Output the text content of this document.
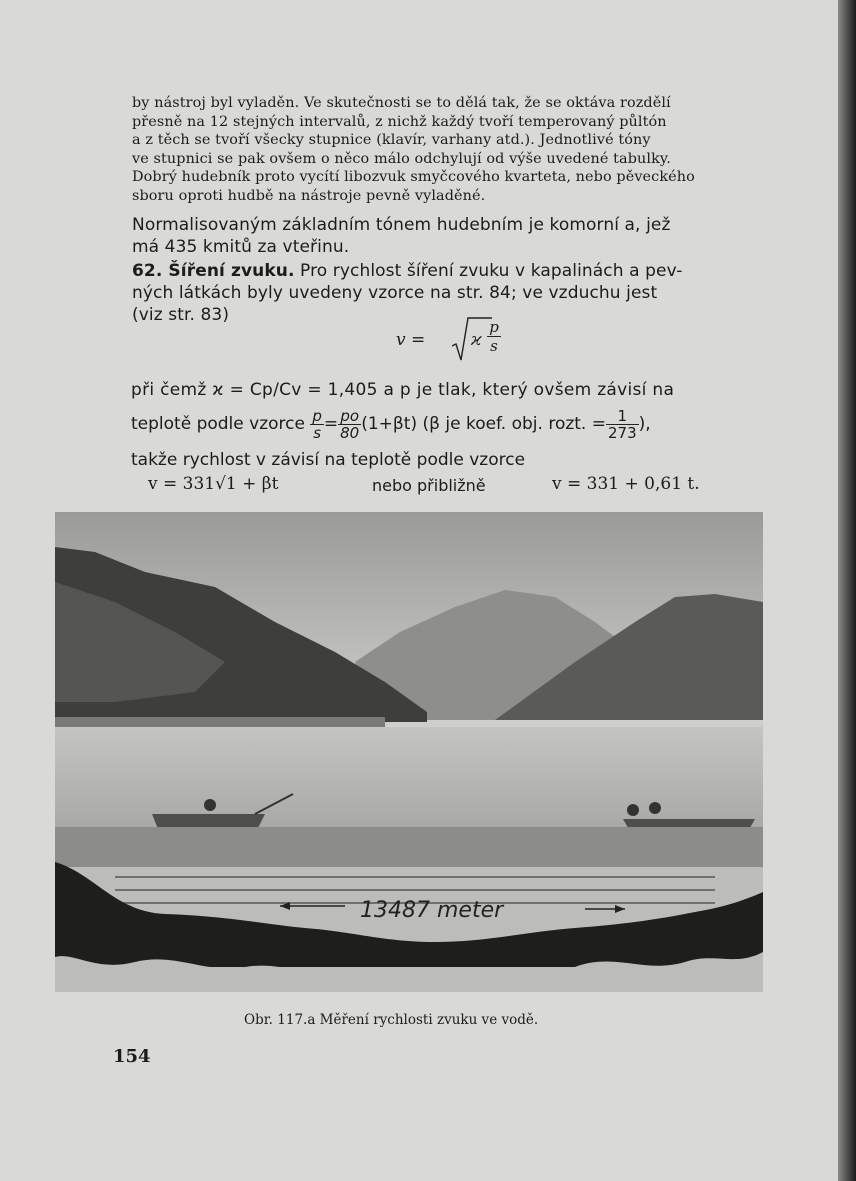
by nástroj byl vyladěn. Ve skutečnosti se to dělá tak, že se oktáva rozdělí
přesně na 12 stejných intervalů, z nichž každý tvoří temperovaný půltón
a z těch se tvoří všecky stupnice (klavír, varhany atd.). Jednotlivé tóny
ve stupnici se pak ovšem o něco málo odchylují od výše uvedené tabulky.
Dobrý hudebník proto vycítí libozvuk smyčcového kvarteta, nebo pěveckého
sboru oproti hudbě na nástroje pevně vyladěné.
Normalisovaným základním tónem hudebním je komorní a, jež
má 435 kmitů za vteřinu.
62. Šíření zvuku. Pro rychlost šíření zvuku v kapalinách a pev-
ných látkách byly uvedeny vzorce na str. 84; ve vzduchu jest
(viz str. 83)
v =	ϰ $\frac{p}{s}$
při čemž ϰ = Cp/Cv = 1,405 a p je tlak, který ovšem závisí na
teplotě podle vzorce $\frac{p}{s} = \frac{po}{80} (1+\beta t)$ (β je koef. obj. rozt. = $\frac{1}{273}$ ),
takže rychlost v závisí na teplotě podle vzorce
v = 331√1 + βt	nebo přibližně	v = 331 + 0,61 t.
13487 meter
Obr. 117.a Měření rychlosti zvuku ve vodě.
154
